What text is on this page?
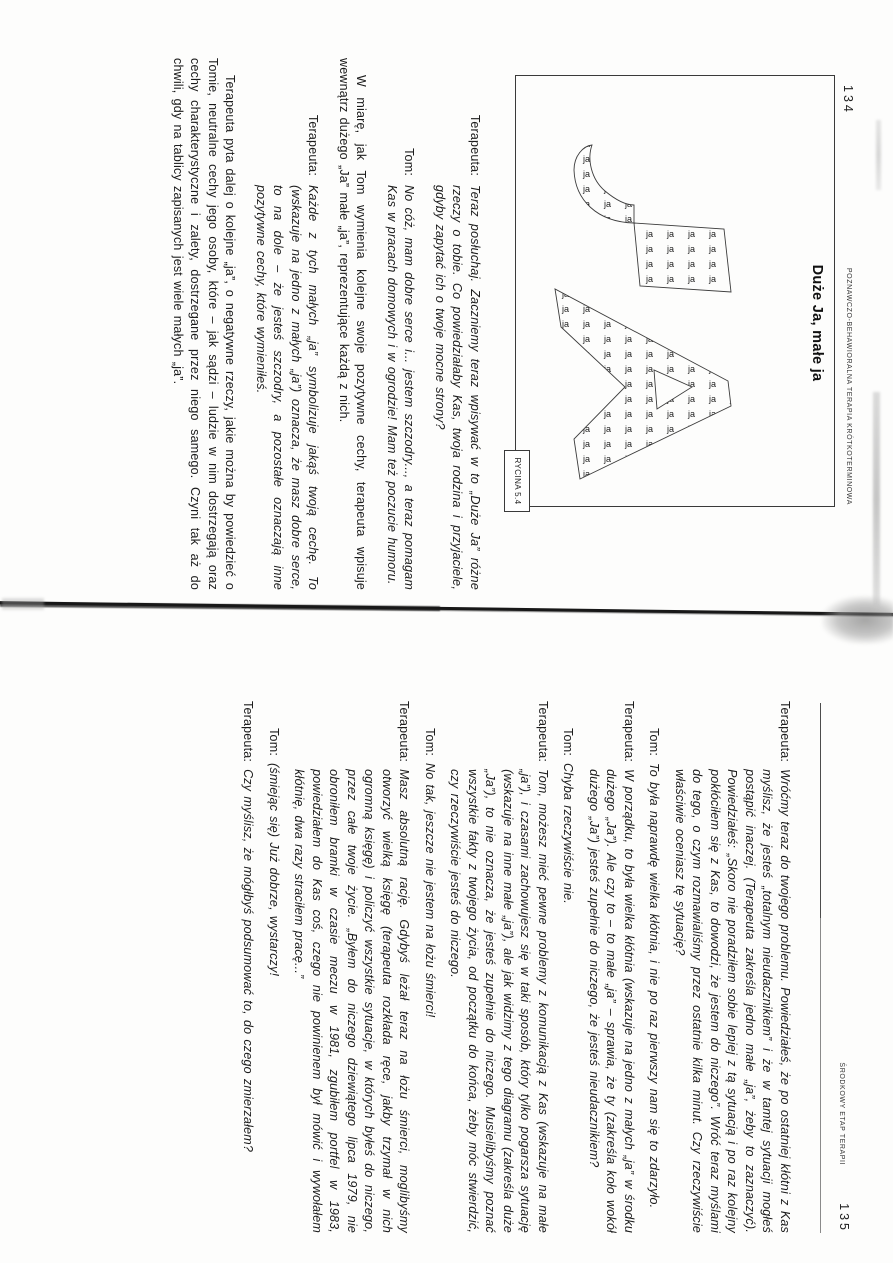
134
POZNAWCZO-BEHAWIORALNA TERAPIA KRÓTKOTERMINOWA
Duże Ja, małe ja
RYCINA 5.4
Terapeuta:
Teraz posłuchaj. Zaczniemy teraz wpisywać w to „Duże Ja” różne rzeczy o tobie. Co powiedziałaby Kas, twoja rodzina i przyjaciele, gdyby zapytać ich o twoje mocne strony?
Tom:
No cóż, mam dobre serce i... jestem szczodry..., a teraz pomagam Kas w pracach domowych i w ogrodzie! Mam też poczucie humoru.

W miarę, jak Tom wymienia kolejne swoje pozytywne cechy, terapeuta wpisuje wewnątrz dużego „Ja” małe „ja”, reprezentujące każdą z nich.

Terapeuta:
Każde z tych małych „ja” symbolizuje jakąś twoją cechę. To (wskazuje na jedno z małych „ja”) oznacza, że masz dobre serce, to na dole – że jesteś szczodry, a pozostałe oznaczają inne pozytywne cechy, które wymieniłeś.

Terapeuta pyta dalej o kolejne „ja”, o negatywne rzeczy, jakie można by powiedzieć o Tomie, neutralne cechy jego osoby, które – jak sądzi – ludzie w nim dostrzegają oraz cechy charakterystyczne i zalety, dostrzegane przez niego samego. Czyni tak aż do chwili, gdy na tablicy zapisanych jest wiele małych „ja”.

ŚRODKOWY ETAP TERAPII135
Terapeuta:
Wróćmy teraz do twojego problemu. Powiedziałeś, że po ostatniej kłótni z Kas myślisz, że jesteś „totalnym nieudacznikiem” i że w tamtej sytuacji mogłeś postąpić inaczej. (Terapeuta zakreśla jedno małe „ja”, żeby to zaznaczyć). Powiedziałeś: „Skoro nie poradziłem sobie lepiej z tą sytuacją i po raz kolejny pokłóciłem się z Kas, to dowodzi, że jestem do niczego”. Wróć teraz myślami do tego, o czym rozmawialiśmy przez ostatnie kilka minut. Czy rzeczywiście właściwie oceniasz tę sytuację?
Tom:
To była naprawdę wielka kłótnia, i nie po raz pierwszy nam się to zdarzyło.
Terapeuta:
W porządku, to była wielka kłótnia (wskazuje na jedno z małych „ja” w środku dużego „Ja”). Ale czy to – to małe „ja” – sprawia, że ty (zakreśla koło wokół dużego „Ja”) jesteś zupełnie do niczego, że jesteś nieudacznikiem?
Tom:
Chyba rzeczywiście nie.
Terapeuta:
Tom, możesz mieć pewne problemy z komunikacją z Kas (wskazuje na małe „ja”), i czasami zachowujesz się w taki sposób, który tylko pogarsza sytuację (wskazuje na inne małe „ja”), ale jak widzimy z tego diagramu (zakreśla duże „Ja”), to nie oznacza, że jesteś zupełnie do niczego. Musielibyśmy poznać wszystkie fakty z twojego życia, od początku do końca, żeby móc stwierdzić, czy rzeczywiście jesteś do niczego.
Tom:
No tak, jeszcze nie jestem na łożu śmierci!
Terapeuta:
Masz absolutną rację. Gdybyś leżał teraz na łożu śmierci, moglibyśmy otworzyć wielką księgę (terapeuta rozkłada ręce, jakby trzymał w nich ogromną księgę) i policzyć wszystkie sytuacje, w których byłeś do niczego, przez całe twoje życie. „Byłem do niczego dziewiątego lipca 1979, nie obroniłem bramki w czasie meczu w 1981, zgubiłem portfel w 1983, powiedziałem do Kas coś, czego nie powinienem był mówić i wywołałem kłótnię, dwa razy straciłem pracę...”
Tom:
(śmiejąc się) Już dobrze, wystarczy!
Terapeuta:
Czy myślisz, że mógłbyś podsumować to, do czego zmierzałem?
